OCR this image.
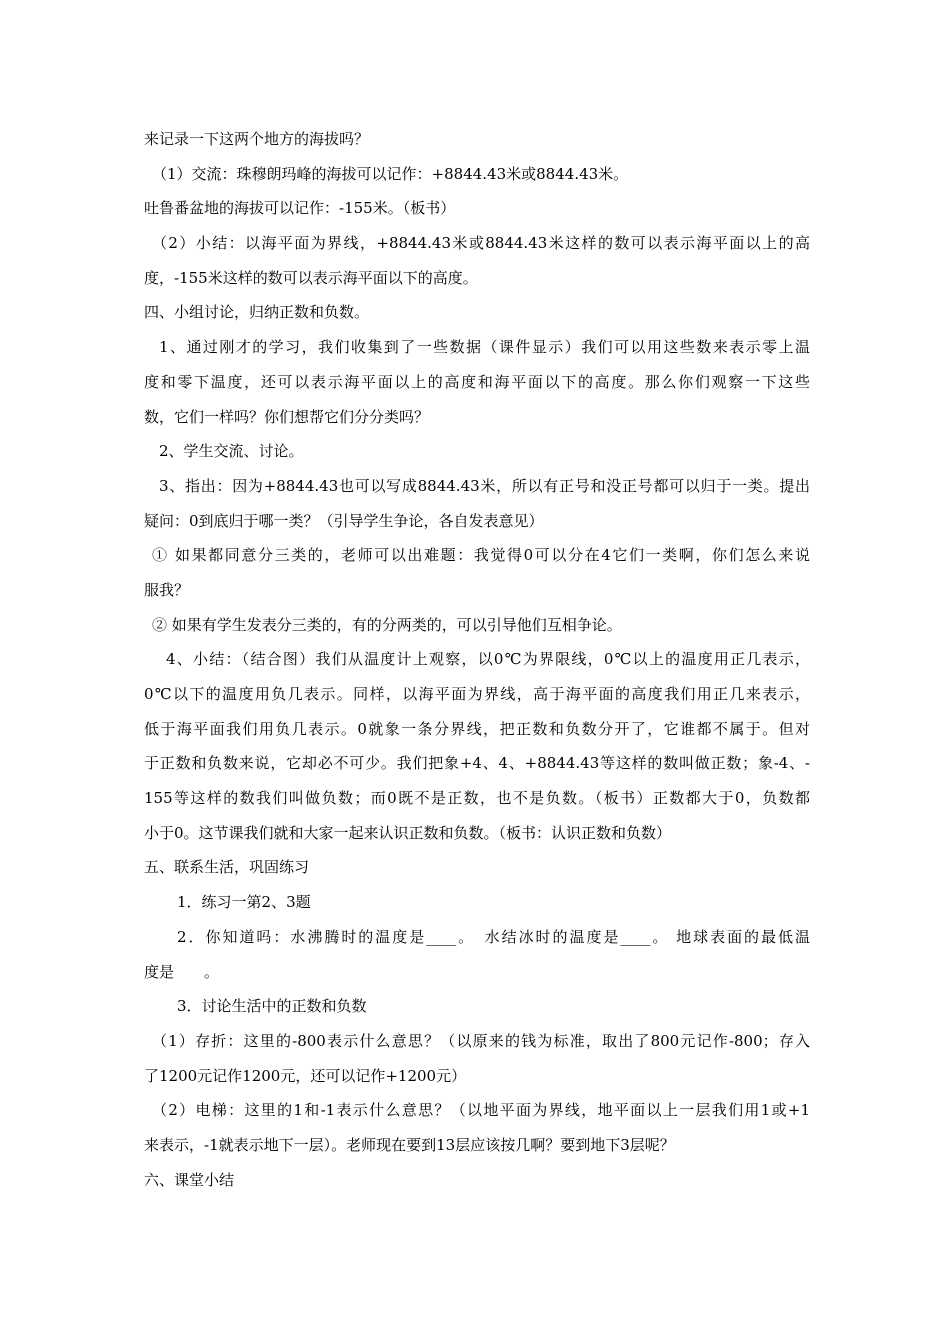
来记录一下这两个地方的海拔吗？
（1）交流：珠穆朗玛峰的海拔可以记作：+8844.43米或8844.43米。
吐鲁番盆地的海拔可以记作：-155米。（板书）
（2）小结：以海平面为界线，+8844.43米或8844.43米这样的数可以表示海平面以上的高
度，-155米这样的数可以表示海平面以下的高度。
四、小组讨论，归纳正数和负数。
1、通过刚才的学习，我们收集到了一些数据（课件显示）我们可以用这些数来表示零上温
度和零下温度，还可以表示海平面以上的高度和海平面以下的高度。那么你们观察一下这些
数，它们一样吗？你们想帮它们分分类吗？
2、学生交流、讨论。
3、指出：因为+8844.43也可以写成8844.43米，所以有正号和没正号都可以归于一类。提出
疑问：0到底归于哪一类？（引导学生争论，各自发表意见）
① 如果都同意分三类的，老师可以出难题：我觉得0可以分在4它们一类啊，你们怎么来说
服我？
② 如果有学生发表分三类的，有的分两类的，可以引导他们互相争论。
4、小结：（结合图）我们从温度计上观察，以0℃为界限线，0℃以上的温度用正几表示，
0℃以下的温度用负几表示。同样，以海平面为界线，高于海平面的高度我们用正几来表示，
低于海平面我们用负几表示。0就象一条分界线，把正数和负数分开了，它谁都不属于。但对
于正数和负数来说，它却必不可少。我们把象+4、4、+8844.43等这样的数叫做正数；象-4、-
155等这样的数我们叫做负数；而0既不是正数，也不是负数。（板书）正数都大于0，负数都
小于0。这节课我们就和大家一起来认识正数和负数。（板书：认识正数和负数）
五、联系生活，巩固练习
1．练习一第2、3题
2．你知道吗：水沸腾时的温度是____。　水结冰时的温度是____。 地球表面的最低温
度是　　。
3．讨论生活中的正数和负数
（1）存折：这里的-800表示什么意思？（以原来的钱为标准，取出了800元记作-800；存入
了1200元记作1200元，还可以记作+1200元）
（2）电梯：这里的1和-1表示什么意思？（以地平面为界线，地平面以上一层我们用1或+1
来表示，-1就表示地下一层）。老师现在要到13层应该按几啊？要到地下3层呢？
六、课堂小结
